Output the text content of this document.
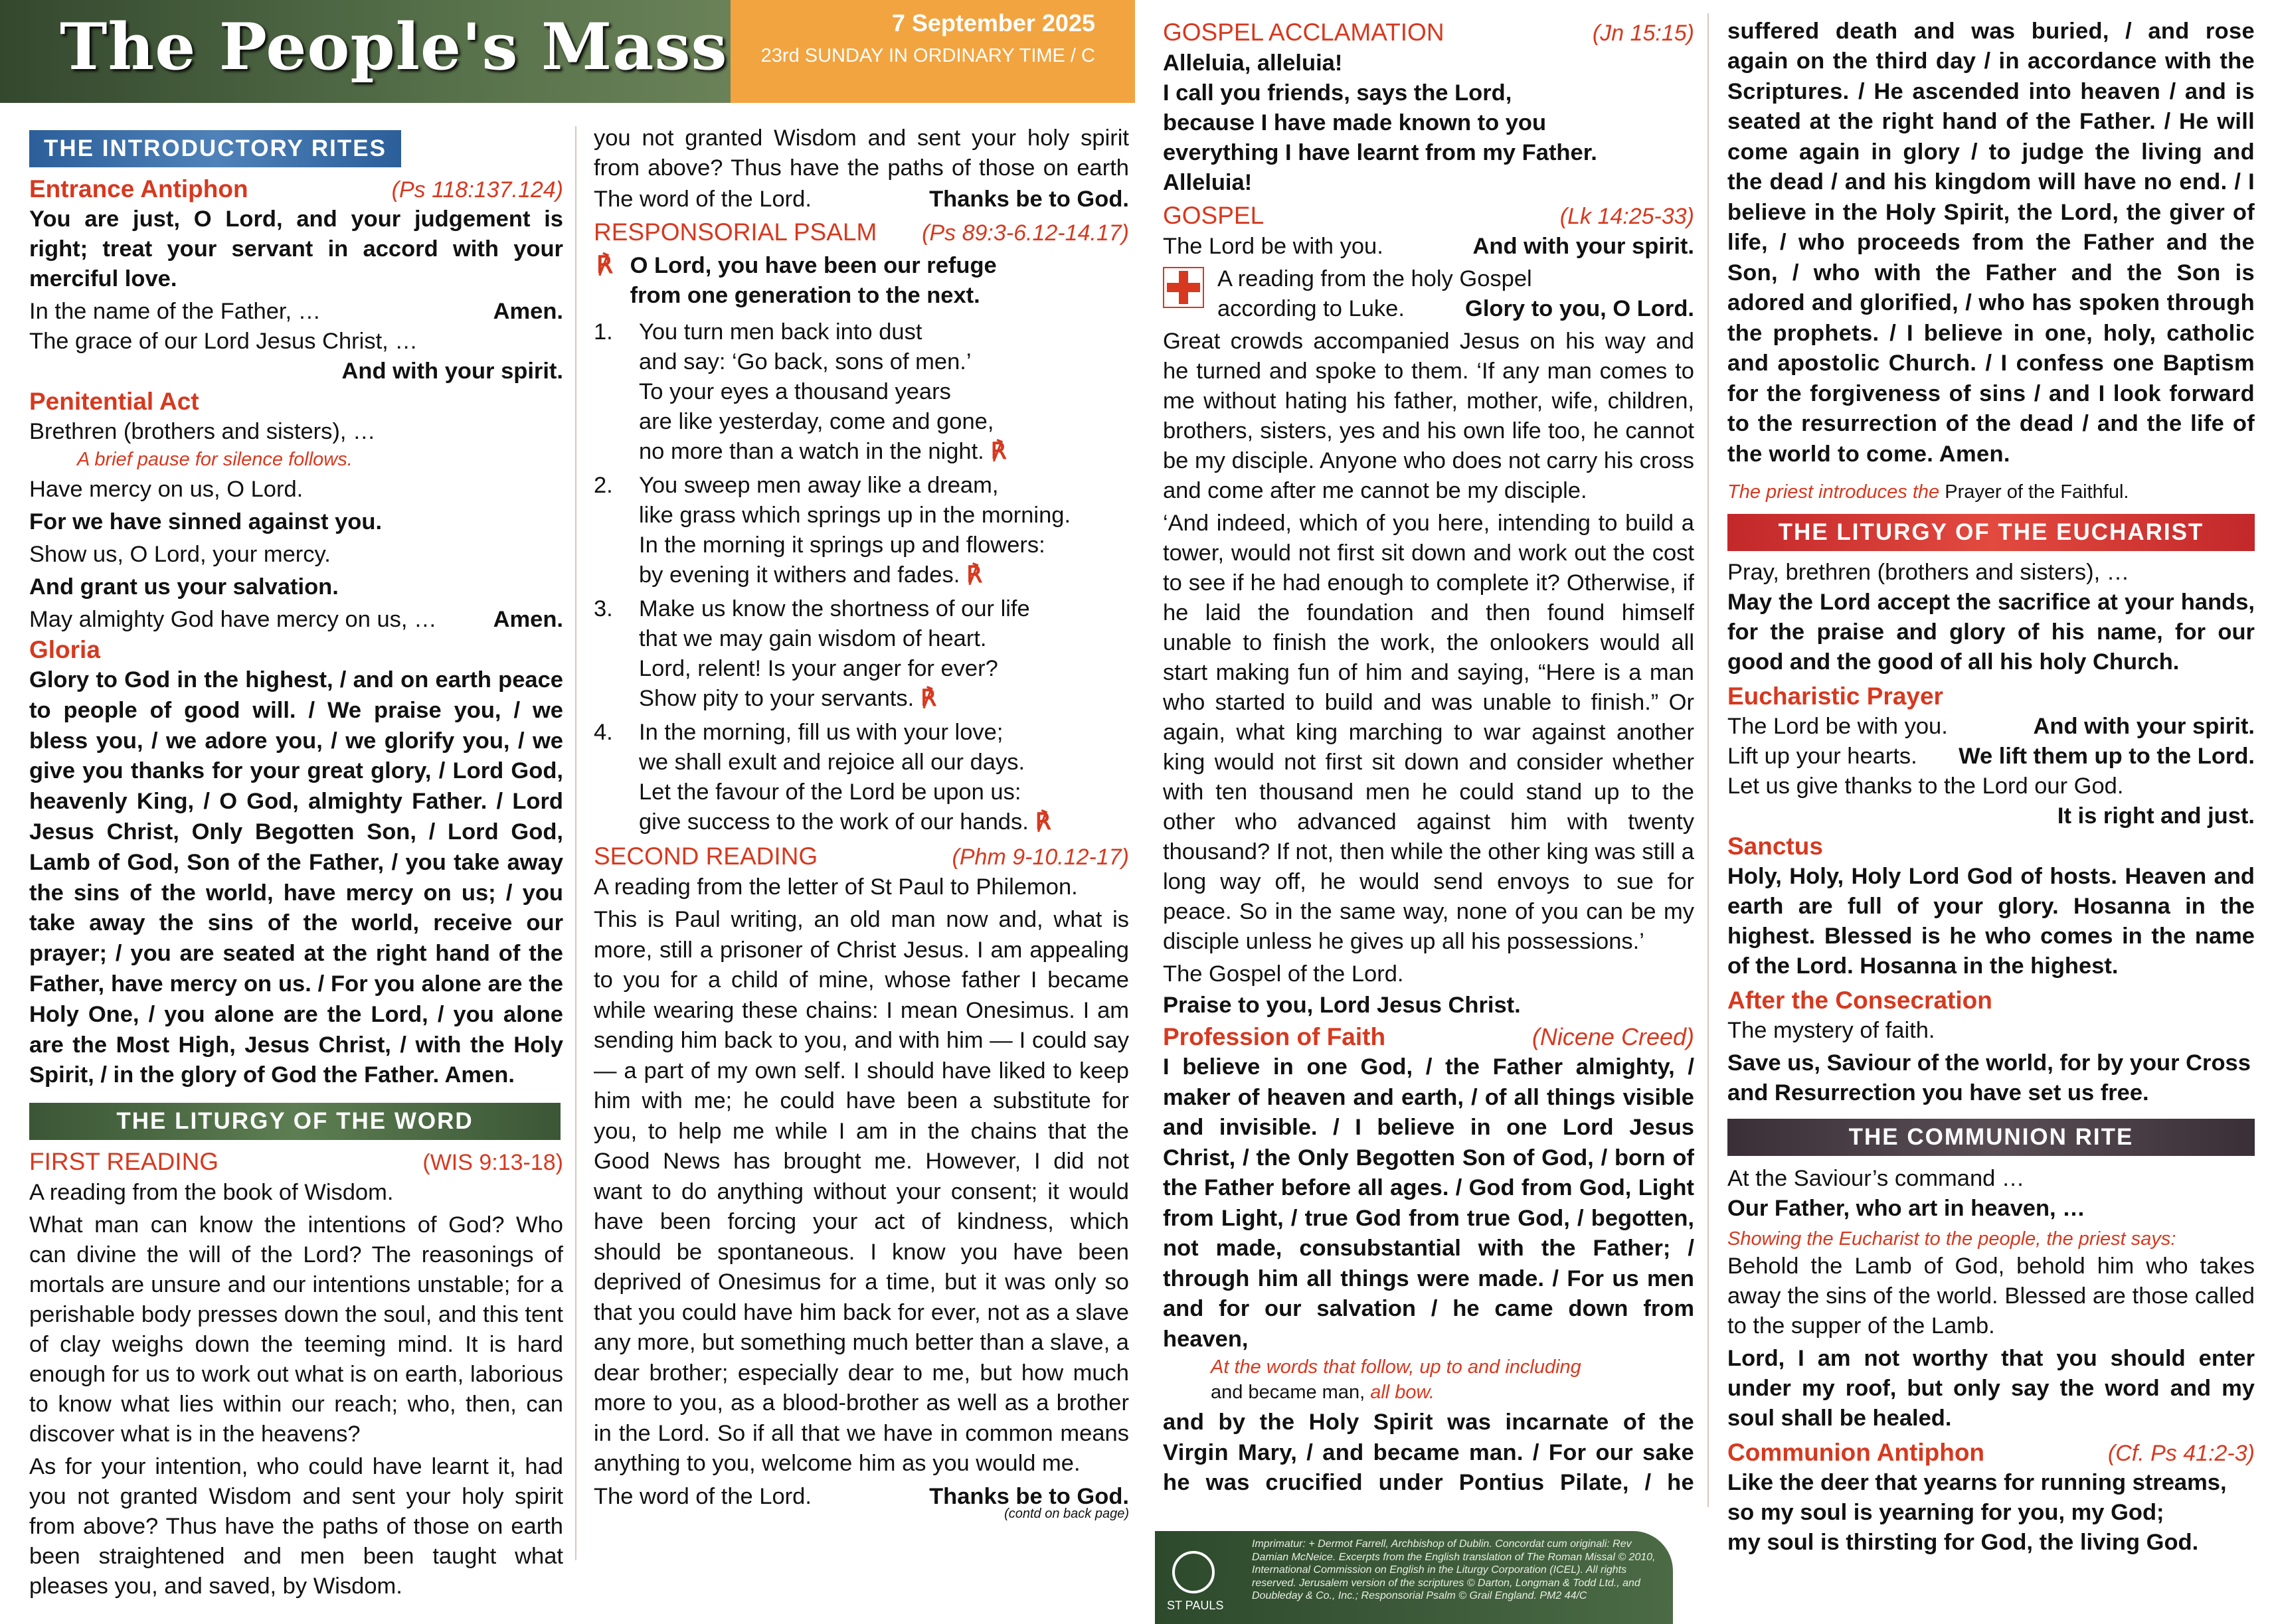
The People's Mass	7 September 2025
23rd SUNDAY IN ORDINARY TIME / C
THE INTRODUCTORY RITES
Entrance Antiphon	(Ps 118:137.124)

You are just, O Lord, and your judgement is right; treat your servant in accord with your merciful love.

In the name of the Father, …	Amen.

The grace of our Lord Jesus Christ, …

And with your spirit.

Penitential Act

Brethren (brothers and sisters), …

A brief pause for silence follows.

Have mercy on us, O Lord.

For we have sinned against you.

Show us, O Lord, your mercy.

And grant us your salvation.

May almighty God have mercy on us, … Amen.

Gloria

Glory to God in the highest, / and on earth peace to people of good will. / We praise you, / we bless you, / we adore you, / we glorify you, / we give you thanks for your great glory, / Lord God, heavenly King, / O God, almighty Father. / Lord Jesus Christ, Only Begotten Son, / Lord God, Lamb of God, Son of the Father, / you take away the sins of the world, have mercy on us; / you take away the sins of the world, receive our prayer; / you are seated at the right hand of the Father, have mercy on us. / For you alone are the Holy One, / you alone are the Lord, / you alone are the Most High, Jesus Christ, / with the Holy Spirit, / in the glory of God the Father. Amen.

THE LITURGY OF THE WORD
FIRST READING	(WIS 9:13-18)

A reading from the book of Wisdom.

What man can know the intentions of God? Who can divine the will of the Lord? The reasonings of mortals are unsure and our intentions unstable; for a perishable body presses down the soul, and this tent of clay weighs down the teeming mind. It is hard enough for us to work out what is on earth, laborious to know what lies within our reach; who, then, can discover what is in the heavens?

As for your intention, who could have learnt it, had you not granted Wisdom and sent your holy spirit from above? Thus have the paths of those on earth been straightened and men been taught what pleases you, and saved, by Wisdom.

you not granted Wisdom and sent your holy spirit from above? Thus have the paths of those on earth

The word of the Lord.	Thanks be to God.

RESPONSORIAL PSALM (Ps 89:3-6.12-14.17)
℟ O Lord, you have been our refuge

from one generation to the next.

1.	You turn men back into dust
and say: ‘Go back, sons of men.’
To your eyes a thousand years
are like yesterday, come and gone,
no more than a watch in the night. ℟
2.	You sweep men away like a dream,
like grass which springs up in the morning.
In the morning it springs up and flowers:
by evening it withers and fades. ℟
3.	Make us know the shortness of our life
that we may gain wisdom of heart.
Lord, relent! Is your anger for ever?
Show pity to your servants. ℟
4.	In the morning, fill us with your love;
we shall exult and rejoice all our days.
Let the favour of the Lord be upon us:
give success to the work of our hands. ℟
SECOND READING	(Phm 9-10.12-17)

A reading from the letter of St Paul to Philemon.

This is Paul writing, an old man now and, what is more, still a prisoner of Christ Jesus. I am appealing to you for a child of mine, whose father I became while wearing these chains: I mean Onesimus. I am sending him back to you, and with him — I could say — a part of my own self. I should have liked to keep him with me; he could have been a substitute for you, to help me while I am in the chains that the Good News has brought me. However, I did not want to do anything without your consent; it would have been forcing your act of kindness, which should be spontaneous. I know you have been deprived of Onesimus for a time, but it was only so that you could have him back for ever, not as a slave any more, but something much better than a slave, a dear brother; especially dear to me, but how much more to you, as a blood-brother as well as a brother in the Lord. So if all that we have in common means anything to you, welcome him as you would me.

The word of the Lord.	Thanks be to God.

(contd on back page)
GOSPEL ACCLAMATION	(Jn 15:15)

Alleluia, alleluia!

I call you friends, says the Lord,

because I have made known to you

everything I have learnt from my Father.

Alleluia!

GOSPEL	(Lk 14:25-33)

The Lord be with you.	And with your spirit.

A reading from the holy Gospel

according to Luke.	Glory to you, O Lord.

Great crowds accompanied Jesus on his way and he turned and spoke to them. ‘If any man comes to me without hating his father, mother, wife, children, brothers, sisters, yes and his own life too, he cannot be my disciple. Anyone who does not carry his cross and come after me cannot be my disciple.

‘And indeed, which of you here, intending to build a tower, would not first sit down and work out the cost to see if he had enough to complete it? Otherwise, if he laid the foundation and then found himself unable to finish the work, the onlookers would all start making fun of him and saying, “Here is a man who started to build and was unable to finish.” Or again, what king marching to war against another king would not first sit down and consider whether with ten thousand men he could stand up to the other who advanced against him with twenty thousand? If not, then while the other king was still a long way off, he would send envoys to sue for peace. So in the same way, none of you can be my disciple unless he gives up all his possessions.’

The Gospel of the Lord.

Praise to you, Lord Jesus Christ.

Profession of Faith	(Nicene Creed)

I believe in one God, / the Father almighty, / maker of heaven and earth, / of all things visible and invisible. / I believe in one Lord Jesus Christ, / the Only Begotten Son of God, / born of the Father before all ages. / God from God, Light from Light, / true God from true God, / begotten, not made, consubstantial with the Father; / through him all things were made. / For us men and for our salvation / he came down from heaven,

At the words that follow, up to and including

and became man, all bow.

and by the Holy Spirit was incarnate of the Virgin Mary, / and became man. / For our sake he was crucified under Pontius Pilate, / he

suffered death and was buried, / and rose again on the third day / in accordance with the Scriptures. / He ascended into heaven / and is seated at the right hand of the Father. / He will come again in glory / to judge the living and the dead / and his kingdom will have no end. / I believe in the Holy Spirit, the Lord, the giver of life, / who proceeds from the Father and the Son, / who with the Father and the Son is adored and glorified, / who has spoken through the prophets. / I believe in one, holy, catholic and apostolic Church. / I confess one Baptism for the forgiveness of sins / and I look forward to the resurrection of the dead / and the life of the world to come. Amen.

The priest introduces the Prayer of the Faithful.

THE LITURGY OF THE EUCHARIST

Pray, brethren (brothers and sisters), …

May the Lord accept the sacrifice at your hands, for the praise and glory of his name, for our good and the good of all his holy Church.

Eucharistic Prayer

The Lord be with you.	And with your spirit.

Lift up your hearts. We lift them up to the Lord.

Let us give thanks to the Lord our God.

It is right and just.

Sanctus

Holy, Holy, Holy Lord God of hosts. Heaven and earth are full of your glory. Hosanna in the highest. Blessed is he who comes in the name of the Lord. Hosanna in the highest.

After the Consecration

The mystery of faith.

Save us, Saviour of the world, for by your Cross and Resurrection you have set us free.

THE COMMUNION RITE

At the Saviour’s command …

Our Father, who art in heaven, …

Showing the Eucharist to the people, the priest says:

Behold the Lamb of God, behold him who takes away the sins of the world. Blessed are those called to the supper of the Lamb.

Lord, I am not worthy that you should enter under my roof, but only say the word and my soul shall be healed.

Communion Antiphon	(Cf. Ps 41:2-3)

Like the deer that yearns for running streams,

so my soul is yearning for you, my God;

my soul is thirsting for God, the living God.

ST PAULS
Imprimatur: + Dermot Farrell, Archbishop of Dublin. Concordat cum originali: Rev Damian McNeice. Excerpts from the English translation of The Roman Missal © 2010, International Commission on English in the Liturgy Corporation (ICEL). All rights reserved. Jerusalem version of the scriptures © Darton, Longman & Todd Ltd., and Doubleday & Co., Inc.; Responsorial Psalm © Grail England. PM2 44/C
